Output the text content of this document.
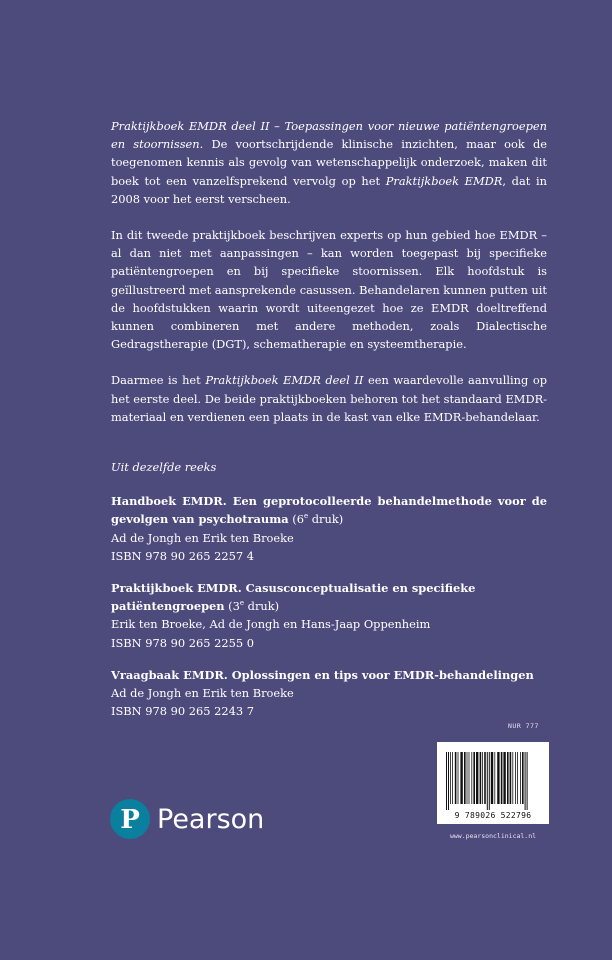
Praktijkboek EMDR deel II – Toepassingen voor nieuwe patiëntengroepen en stoornissen. De voortschrijdende klinische inzichten, maar ook de toegenomen kennis als gevolg van wetenschappelijk onderzoek, maken dit boek tot een vanzelfsprekend vervolg op het Praktijkboek EMDR, dat in 2008 voor het eerst verscheen.

In dit tweede praktijkboek beschrijven experts op hun gebied hoe EMDR – al dan niet met aanpassingen – kan worden toegepast bij specifieke patiëntengroepen en bij specifieke stoornissen. Elk hoofdstuk is geïllustreerd met aansprekende casussen. Behandelaren kunnen putten uit de hoofdstukken waarin wordt uiteengezet hoe ze EMDR doeltreffend kunnen combineren met andere methoden, zoals Dialectische Gedragstherapie (DGT), schematherapie en systeemtherapie.

Daarmee is het Praktijkboek EMDR deel II een waardevolle aanvulling op het eerste deel. De beide praktijkboeken behoren tot het standaard EMDR-materiaal en verdienen een plaats in de kast van elke EMDR-behandelaar.

Uit dezelfde reeks

Handboek EMDR. Een geprotocolleerde behandelmethode voor de gevolgen van psychotrauma (6e druk)
Ad de Jongh en Erik ten Broeke
ISBN 978 90 265 2257 4
Praktijkboek EMDR. Casusconceptualisatie en specifieke patiëntengroepen (3e druk)
Erik ten Broeke, Ad de Jongh en Hans-Jaap Oppenheim
ISBN 978 90 265 2255 0
Vraagbaak EMDR. Oplossingen en tips voor EMDR-behandelingen
Ad de Jongh en Erik ten Broeke
ISBN 978 90 265 2243 7
NUR 777
9 789026 522796
www.pearsonclinical.nl
P Pearson
